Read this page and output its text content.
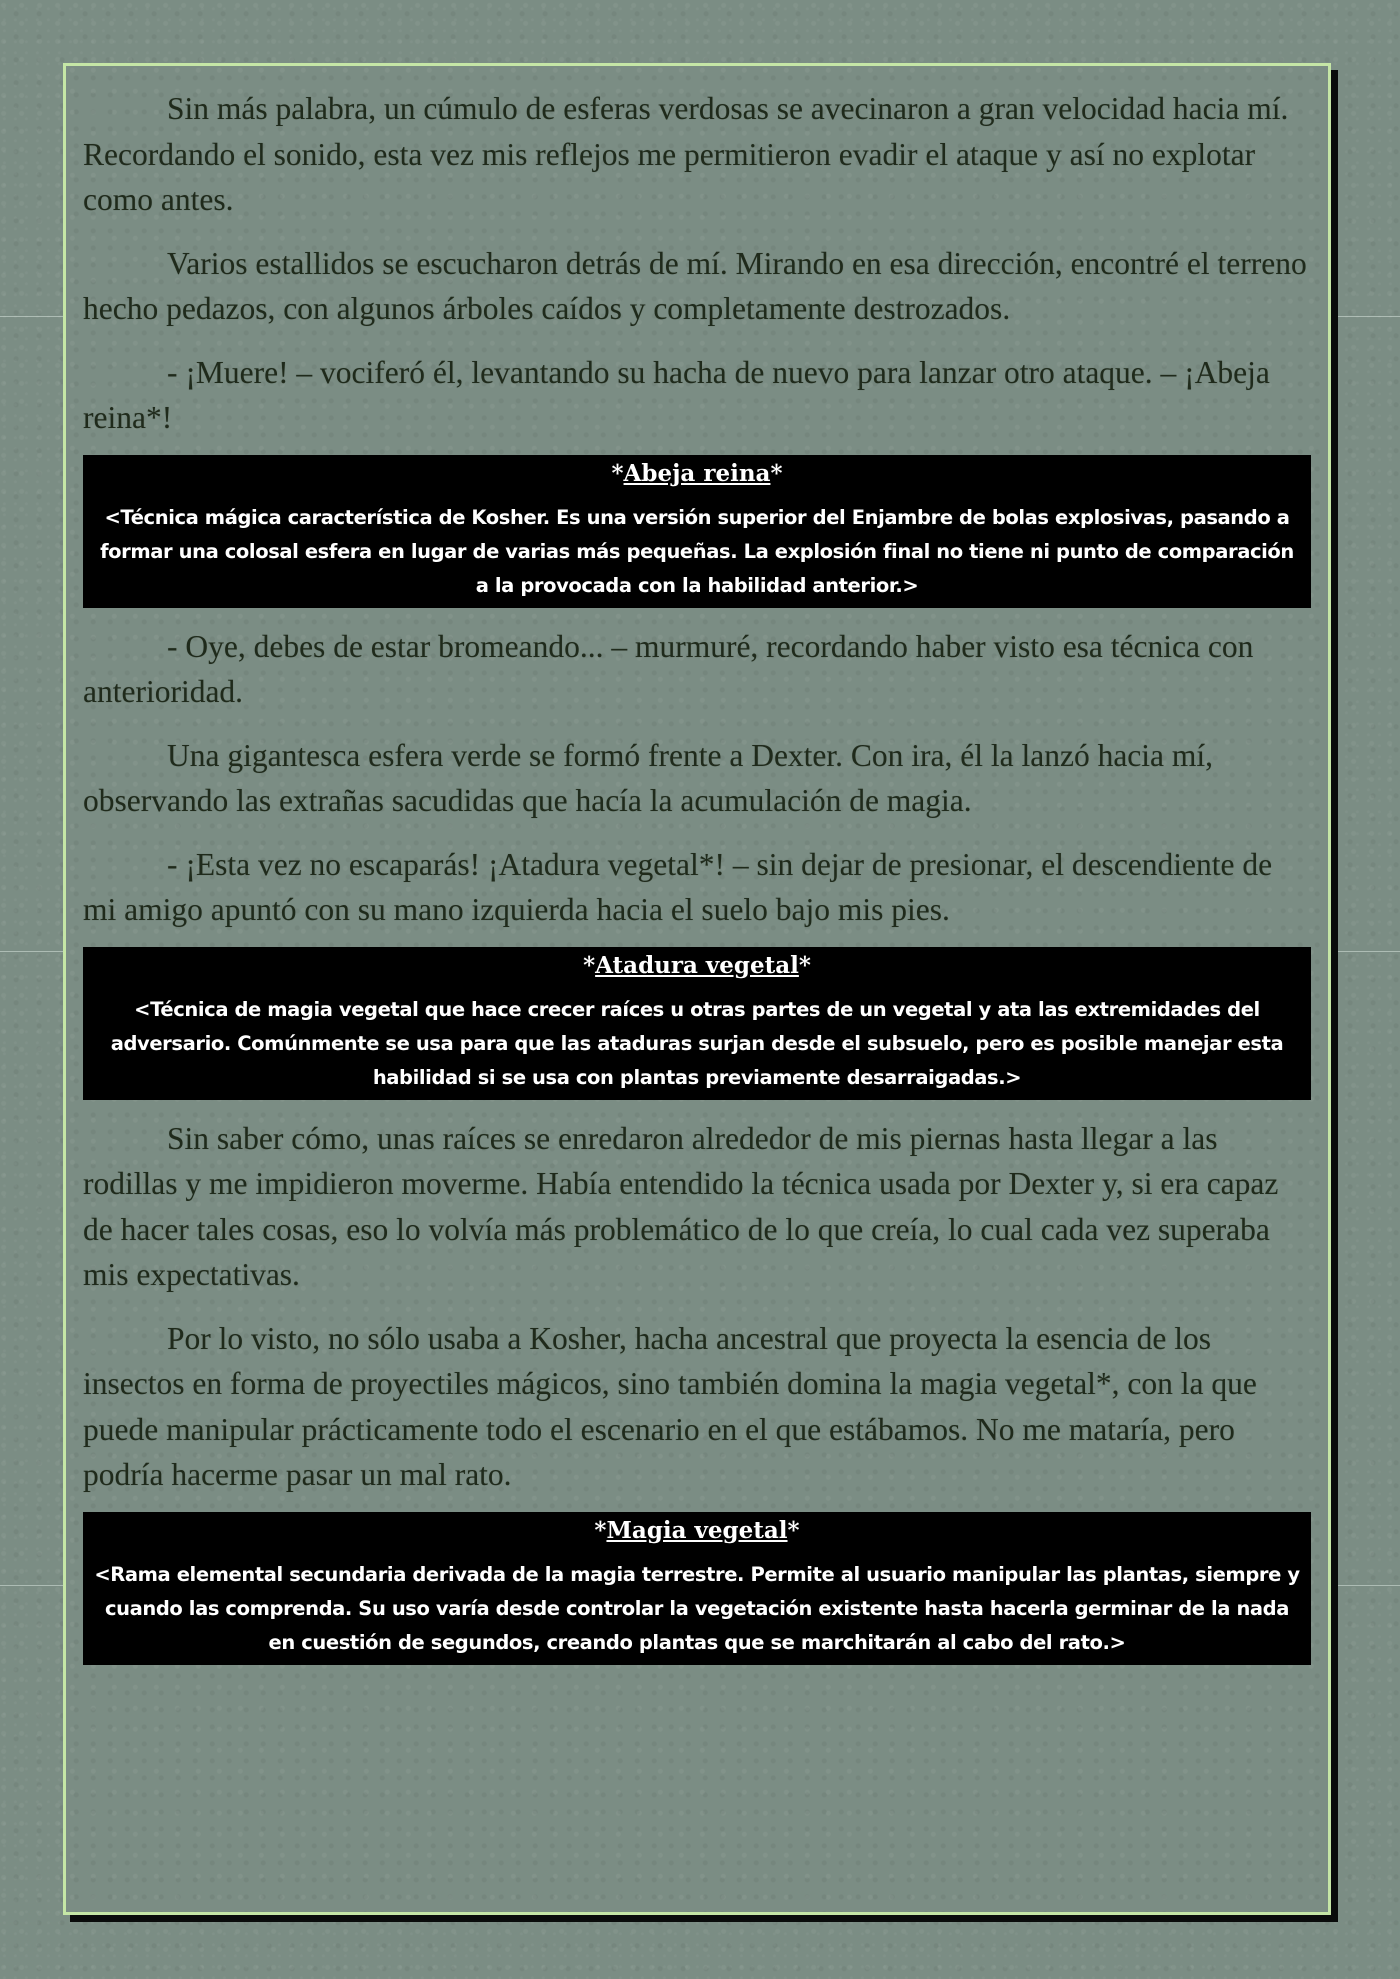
Sin más palabra, un cúmulo de esferas verdosas se avecinaron a gran velocidad hacia mí. Recordando el sonido, esta vez mis reflejos me permitieron evadir el ataque y así no explotar como antes.

Varios estallidos se escucharon detrás de mí. Mirando en esa dirección, encontré el terreno hecho pedazos, con algunos árboles caídos y completamente destrozados.

- ¡Muere! – vociferó él, levantando su hacha de nuevo para lanzar otro ataque. – ¡Abeja reina*!

*Abeja reina*
<Técnica mágica característica de Kosher. Es una versión superior del Enjambre de bolas explosivas, pasando a formar una colosal esfera en lugar de varias más pequeñas. La explosión final no tiene ni punto de comparación a la provocada con la habilidad anterior.>

- Oye, debes de estar bromeando... – murmuré, recordando haber visto esa técnica con anterioridad.

Una gigantesca esfera verde se formó frente a Dexter. Con ira, él la lanzó hacia mí, observando las extrañas sacudidas que hacía la acumulación de magia.

- ¡Esta vez no escaparás! ¡Atadura vegetal*! – sin dejar de presionar, el descendiente de mi amigo apuntó con su mano izquierda hacia el suelo bajo mis pies.

*Atadura vegetal*
<Técnica de magia vegetal que hace crecer raíces u otras partes de un vegetal y ata las extremidades del adversario. Comúnmente se usa para que las ataduras surjan desde el subsuelo, pero es posible manejar esta habilidad si se usa con plantas previamente desarraigadas.>

Sin saber cómo, unas raíces se enredaron alrededor de mis piernas hasta llegar a las rodillas y me impidieron moverme. Había entendido la técnica usada por Dexter y, si era capaz de hacer tales cosas, eso lo volvía más problemático de lo que creía, lo cual cada vez superaba mis expectativas.

Por lo visto, no sólo usaba a Kosher, hacha ancestral que proyecta la esencia de los insectos en forma de proyectiles mágicos, sino también domina la magia vegetal*, con la que puede manipular prácticamente todo el escenario en el que estábamos. No me mataría, pero podría hacerme pasar un mal rato.

*Magia vegetal*
<Rama elemental secundaria derivada de la magia terrestre. Permite al usuario manipular las plantas, siempre y cuando las comprenda. Su uso varía desde controlar la vegetación existente hasta hacerla germinar de la nada en cuestión de segundos, creando plantas que se marchitarán al cabo del rato.>
